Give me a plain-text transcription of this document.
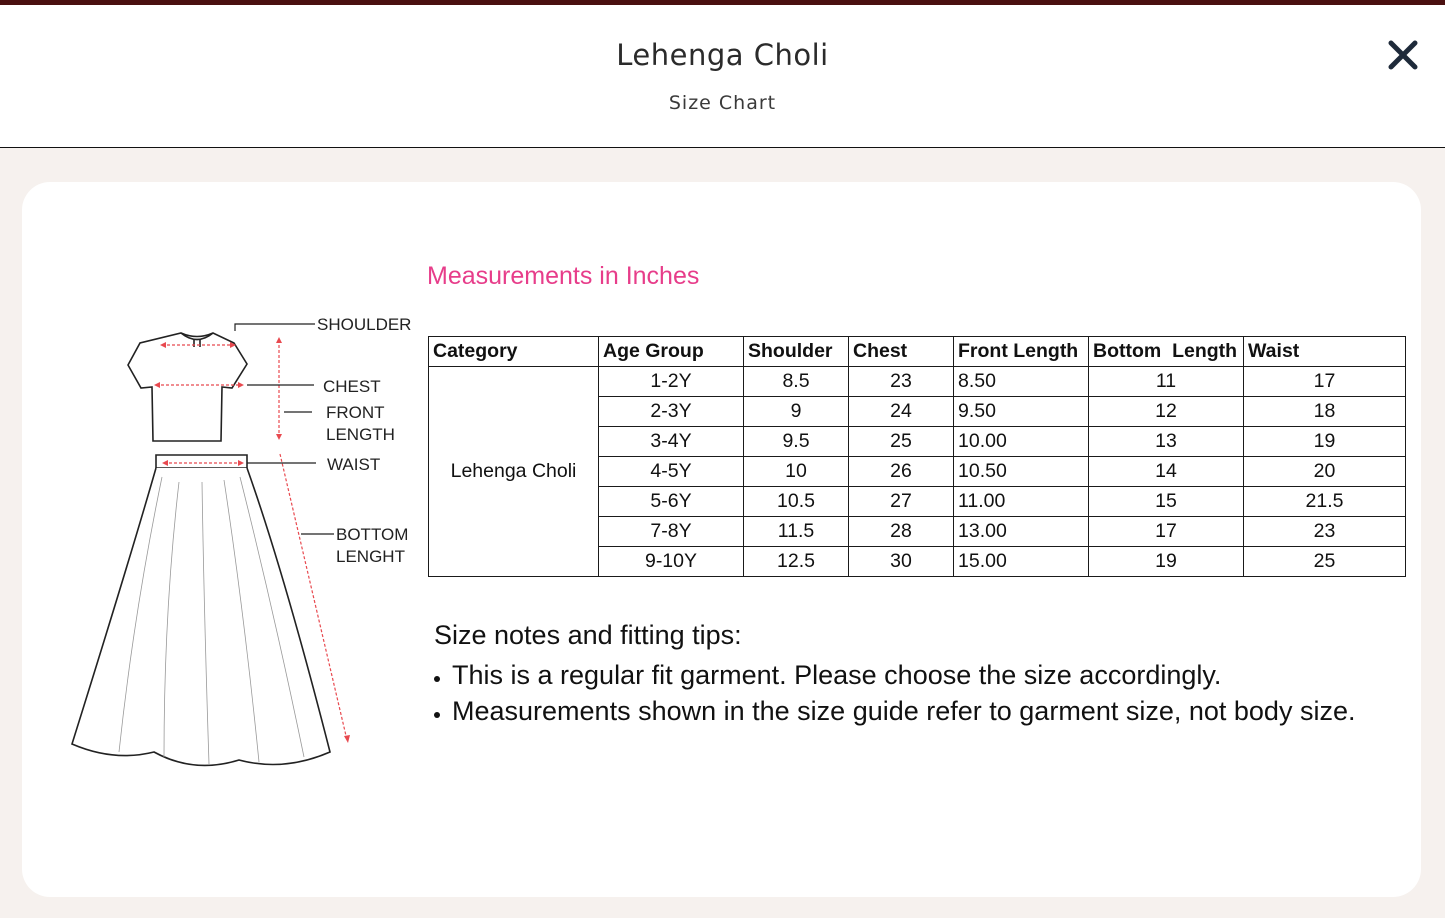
Lehenga Choli
Size Chart
SHOULDER
CHEST
FRONT
LENGTH
WAIST
BOTTOM
LENGHT
Measurements in Inches
Category	Age Group	Shoulder	Chest	Front Length	Bottom  Length	Waist
Lehenga Choli	1-2Y	8.5	23	8.50	11	17
	2-3Y	9	24	9.50	12	18
	3-4Y	9.5	25	10.00	13	19
	4-5Y	10	26	10.50	14	20
	5-6Y	10.5	27	11.00	15	21.5
	7-8Y	11.5	28	13.00	17	23
	9-10Y	12.5	30	15.00	19	25
Size notes and fitting tips:
• This is a regular fit garment. Please choose the size accordingly.
• Measurements shown in the size guide refer to garment size, not body size.
